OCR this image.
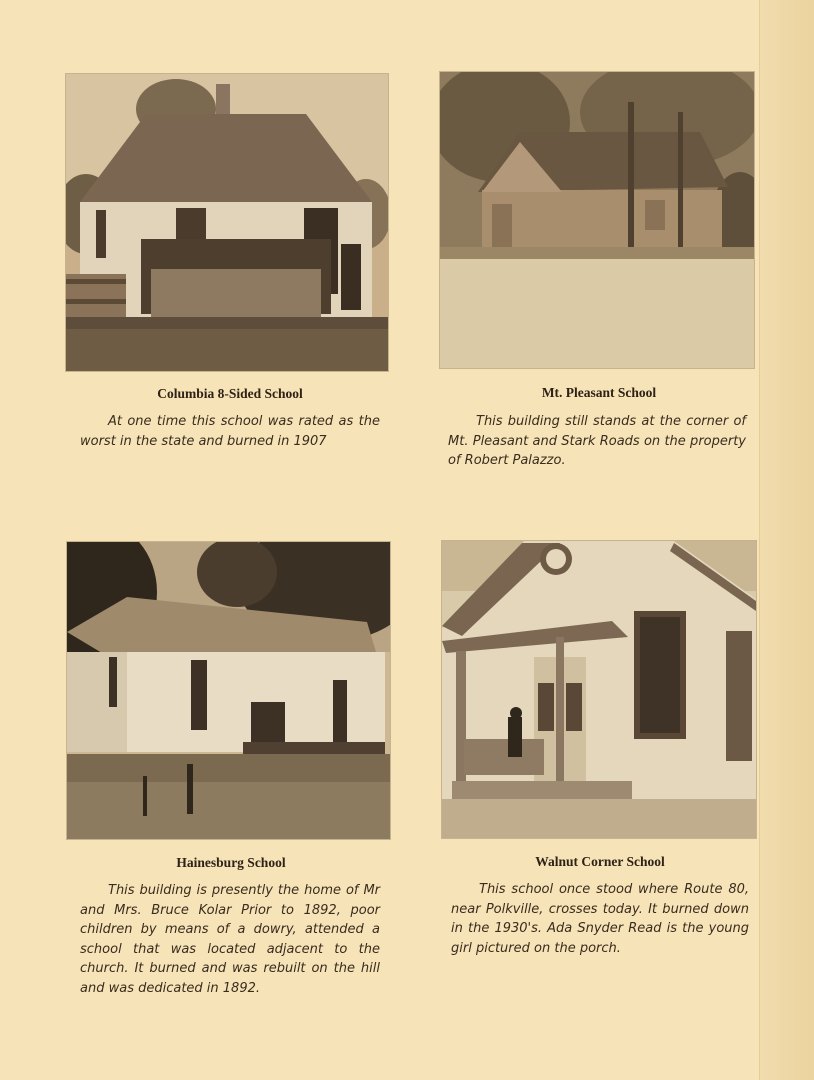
Columbia 8-Sided School	Mt. Pleasant School
At one time this school was rated as the worst in the state and burned in 1907
This building still stands at the corner of Mt. Pleasant and Stark Roads on the property of Robert Palazzo.
Hainesburg School	Walnut Corner School
This building is presently the home of Mr and Mrs. Bruce Kolar Prior to 1892, poor children by means of a dowry, attended a school that was located adjacent to the church. It burned and was rebuilt on the hill and was dedicated in 1892.
This school once stood where Route 80, near Polkville, crosses today. It burned down in the 1930's. Ada Snyder Read is the young girl pictured on the porch.
